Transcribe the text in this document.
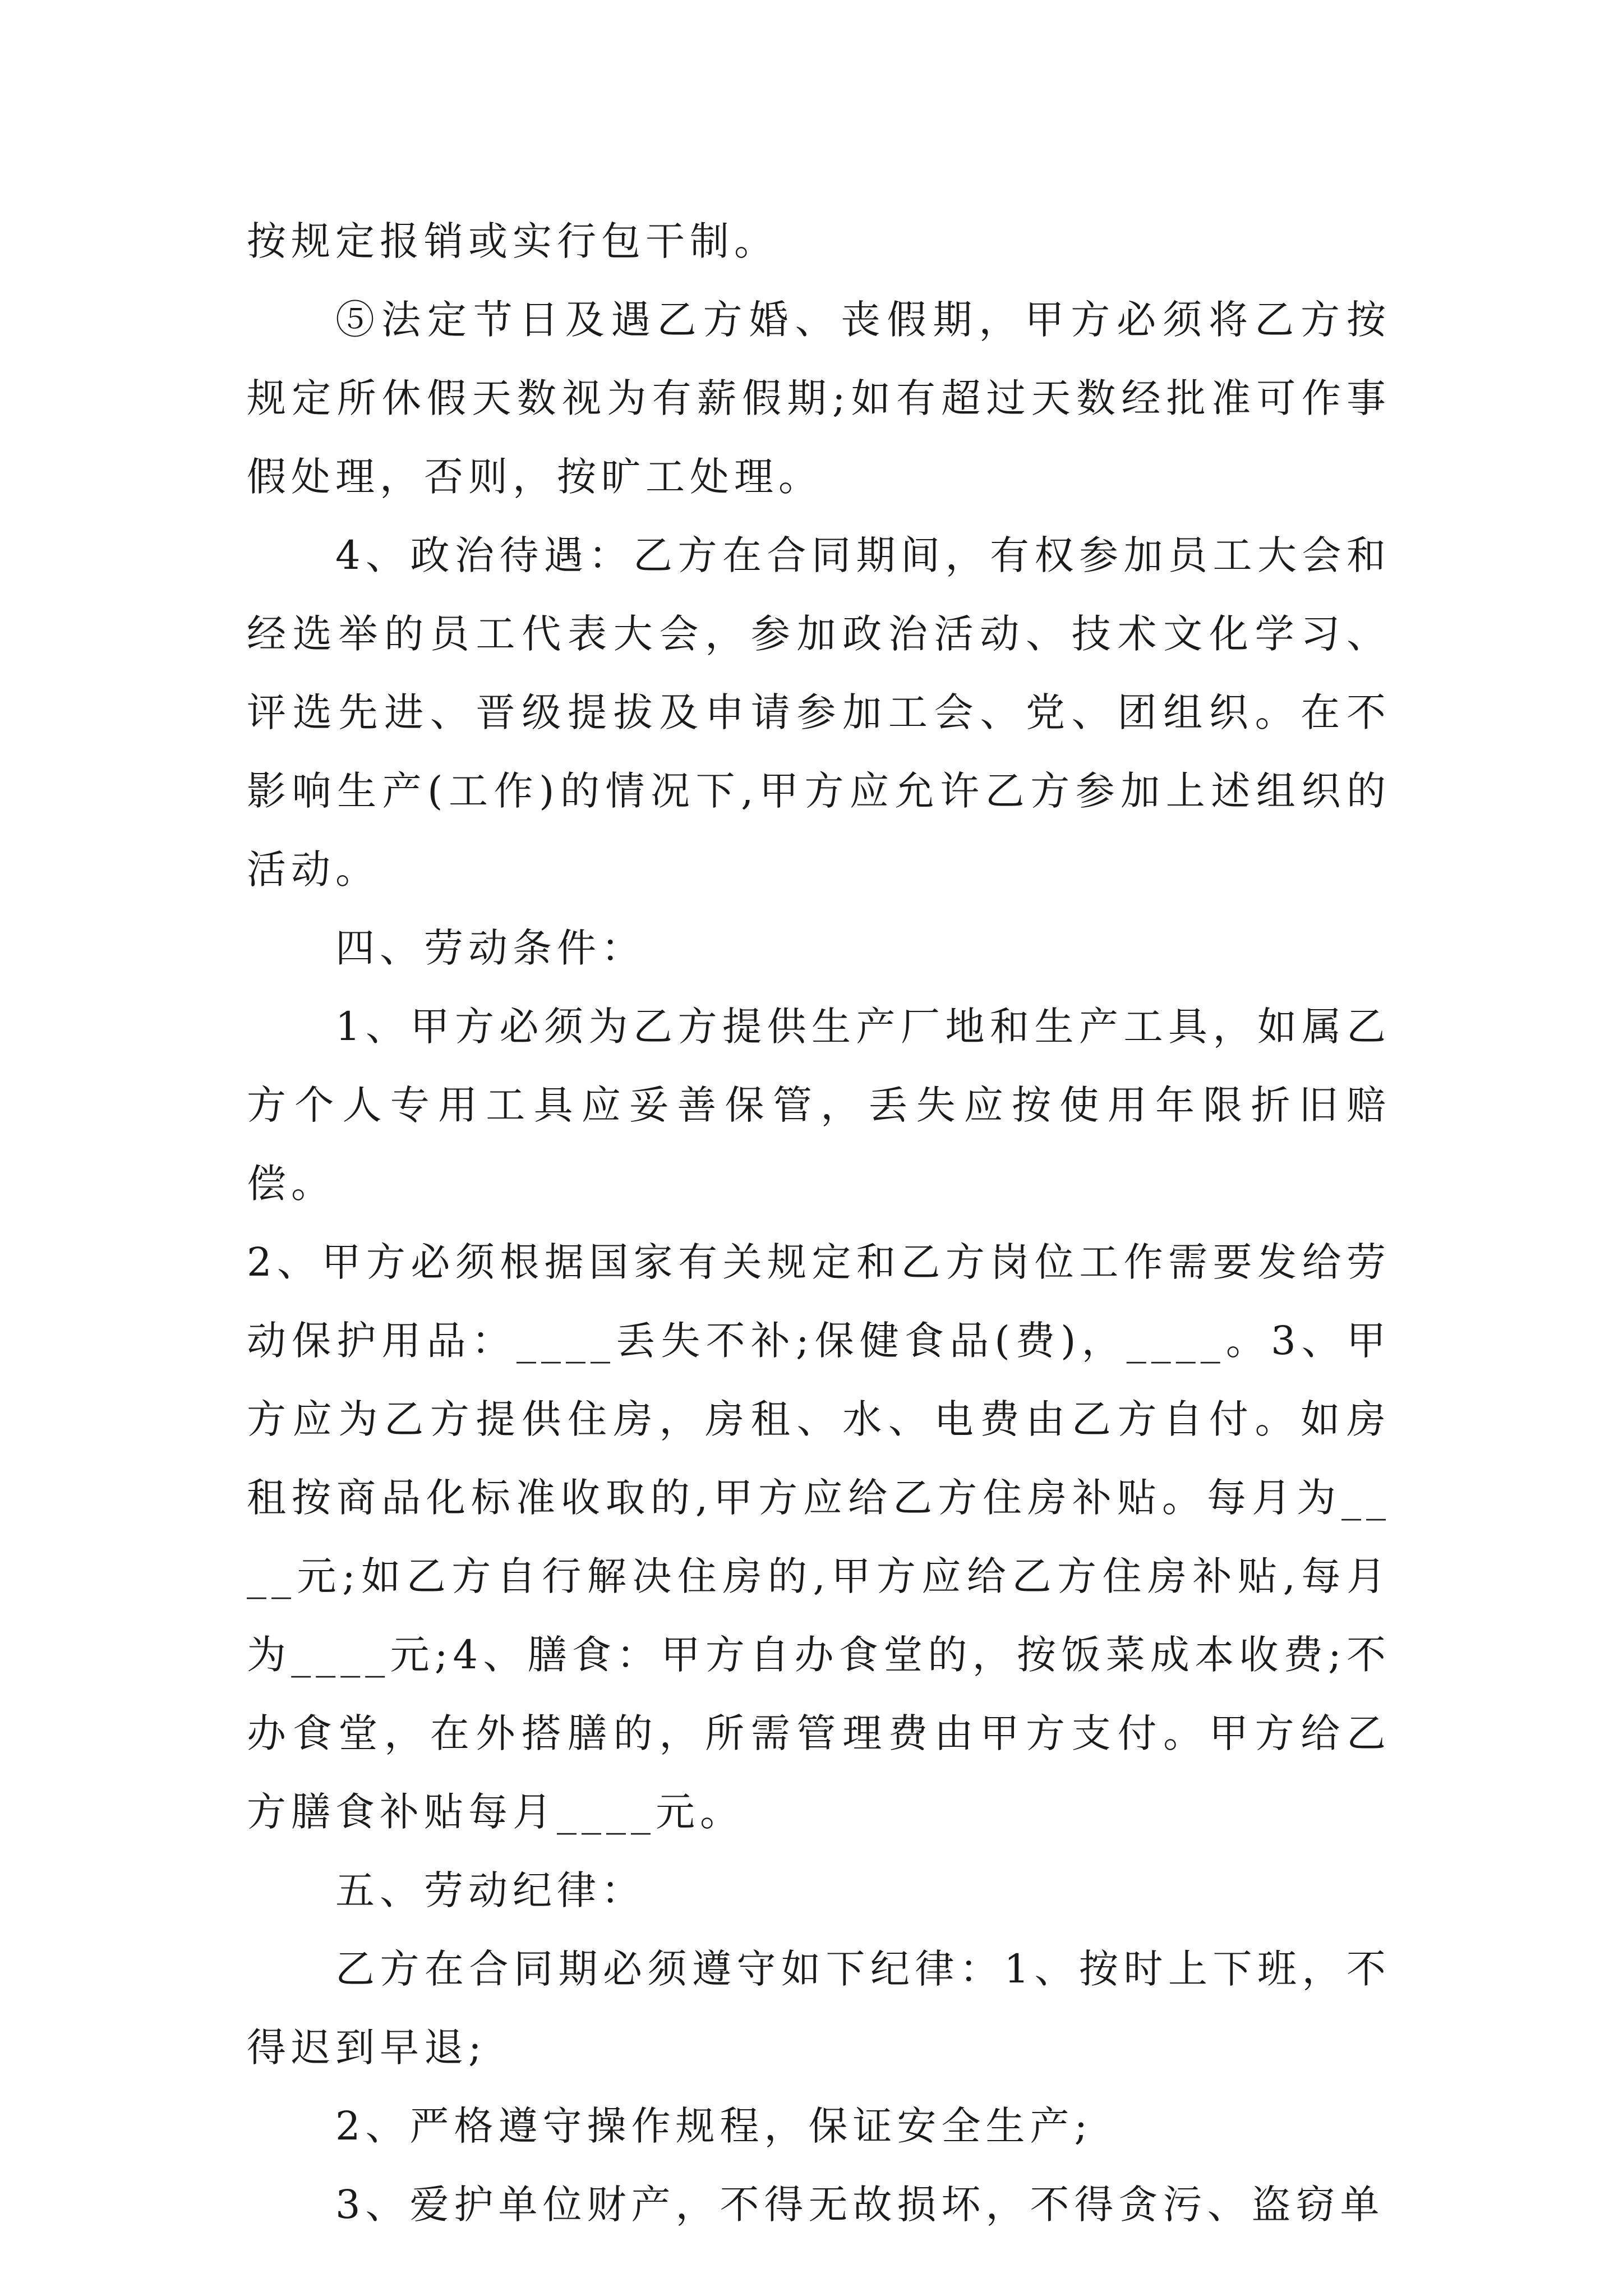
按规定报销或实行包干制。

⑤法定节日及遇乙方婚、丧假期，甲方必须将乙方按规定所休假天数视为有薪假期;如有超过天数经批准可作事假处理，否则，按旷工处理。

4、政治待遇：乙方在合同期间，有权参加员工大会和经选举的员工代表大会，参加政治活动、技术文化学习、评选先进、晋级提拔及申请参加工会、党、团组织。在不影响生产(工作)的情况下,甲方应允许乙方参加上述组织的活动。

四、劳动条件：

1、甲方必须为乙方提供生产厂地和生产工具，如属乙方个人专用工具应妥善保管，丢失应按使用年限折旧赔偿。

2、甲方必须根据国家有关规定和乙方岗位工作需要发给劳动保护用品：____丢失不补;保健食品(费)，____。3、甲方应为乙方提供住房，房租、水、电费由乙方自付。如房租按商品化标准收取的,甲方应给乙方住房补贴。每月为____元;如乙方自行解决住房的,甲方应给乙方住房补贴,每月为____元;4、膳食：甲方自办食堂的，按饭菜成本收费;不办食堂，在外搭膳的，所需管理费由甲方支付。甲方给乙方膳食补贴每月____元。

五、劳动纪律：

乙方在合同期必须遵守如下纪律：1、按时上下班，不得迟到早退;

2、严格遵守操作规程，保证安全生产;

3、爱护单位财产，不得无故损坏，不得贪污、盗窃单
